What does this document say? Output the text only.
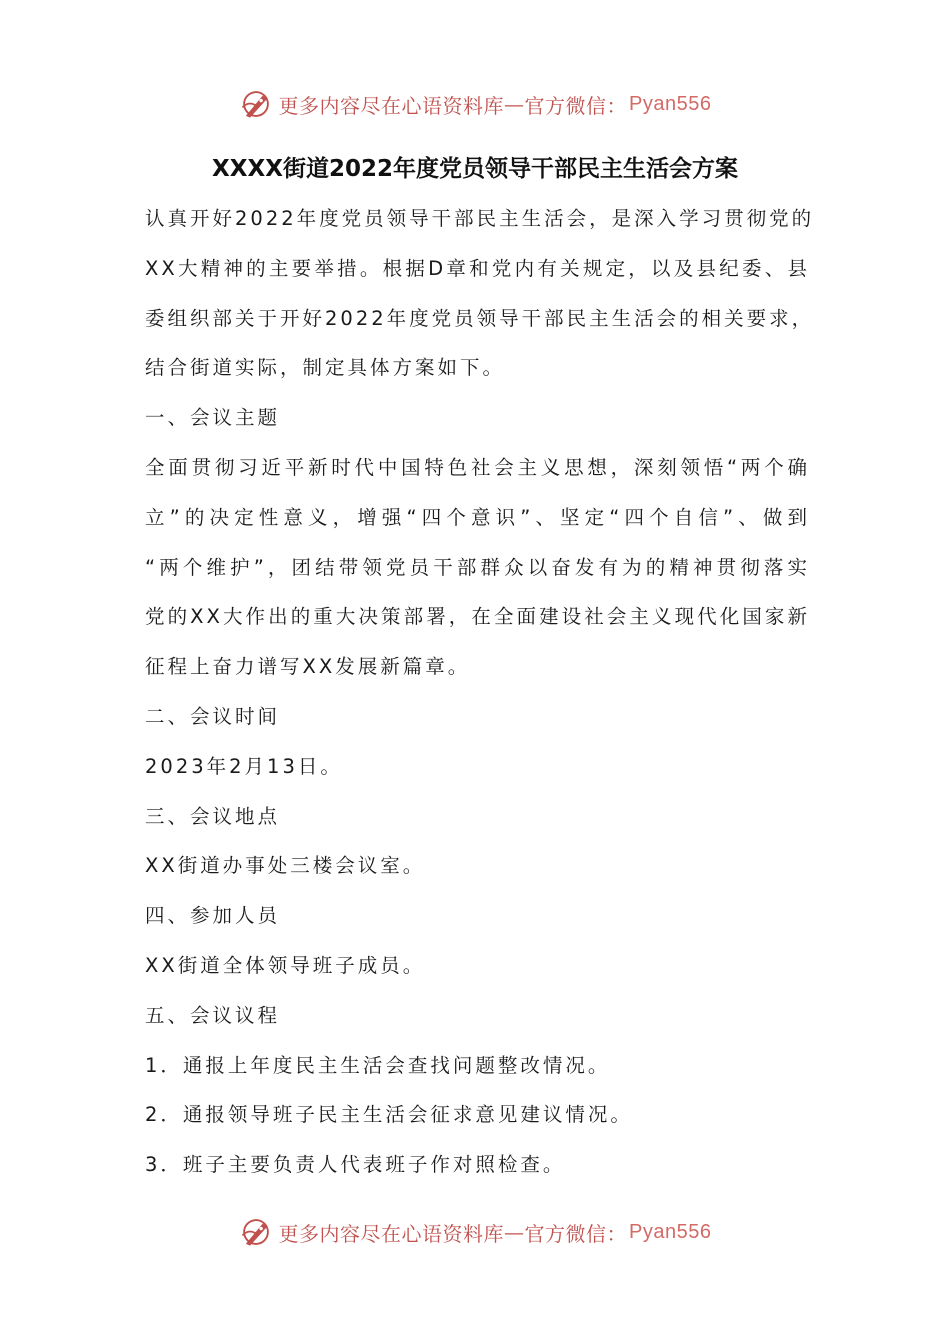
更多内容尽在心语资料库 — 官方微信： Pyan556
XXXX街道2022年度党员领导干部民主生活会方案

认真开好2022年度党员领导干部民主生活会，是深入学习贯彻党的

XX大精神的主要举措。根据D章和党内有关规定，以及县纪委、县

委组织部关于开好2022年度党员领导干部民主生活会的相关要求，

结合街道实际，制定具体方案如下。

一、会议主题

全面贯彻习近平新时代中国特色社会主义思想，深刻领悟“两个确

立”的决定性意义，增强“四个意识”、坚定“四个自信”、做到

“两个维护”，团结带领党员干部群众以奋发有为的精神贯彻落实

党的XX大作出的重大决策部署，在全面建设社会主义现代化国家新

征程上奋力谱写XX发展新篇章。

二、会议时间

2023年2月13日。

三、会议地点

XX街道办事处三楼会议室。

四、参加人员

XX街道全体领导班子成员。

五、会议议程

1．通报上年度民主生活会查找问题整改情况。

2．通报领导班子民主生活会征求意见建议情况。

3．班子主要负责人代表班子作对照检查。

更多内容尽在心语资料库 — 官方微信： Pyan556
